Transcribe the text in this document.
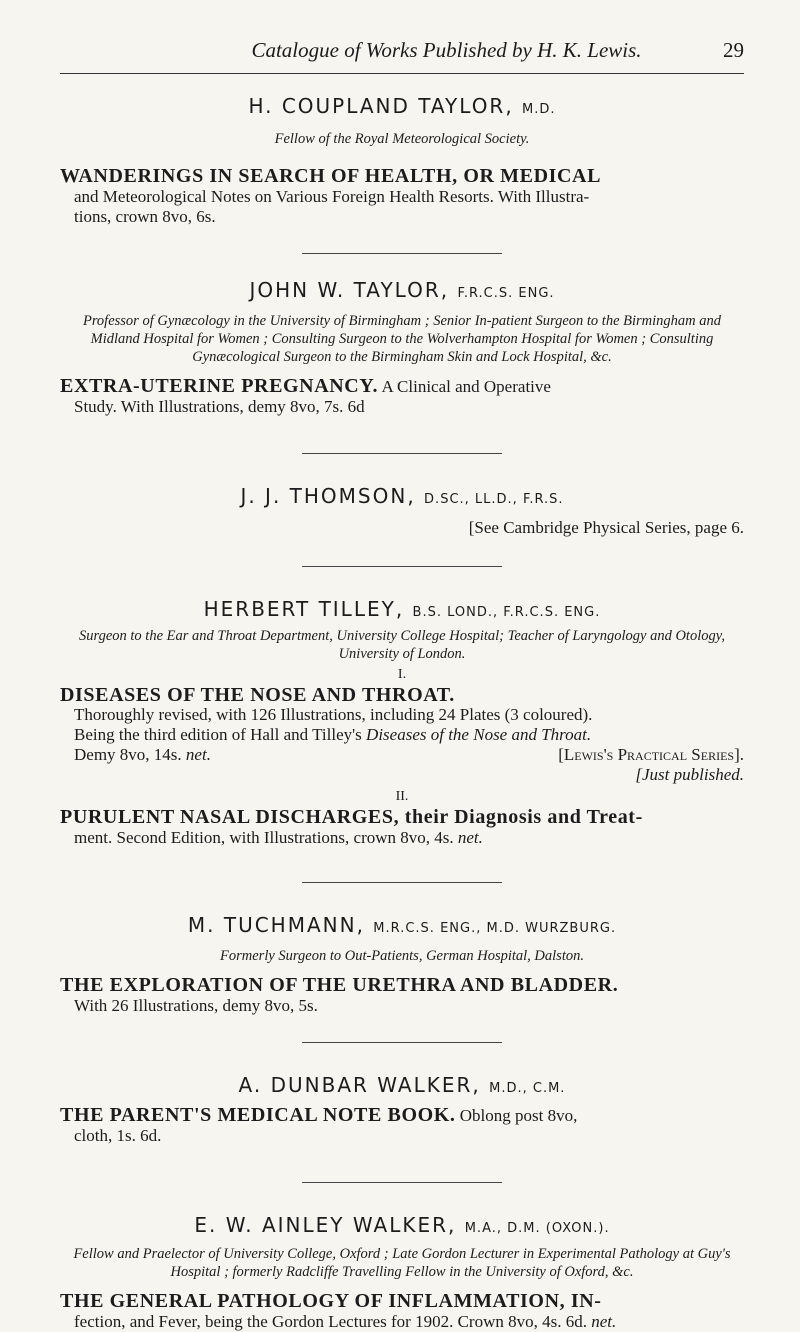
Catalogue of Works Published by H. K. Lewis.	29

H. COUPLAND TAYLOR, M.D.

Fellow of the Royal Meteorological Society.

WANDERINGS IN SEARCH OF HEALTH, OR MEDICAL
and Meteorological Notes on Various Foreign Health Resorts. With Illustra-
tions, crown 8vo, 6s.

JOHN W. TAYLOR, F.R.C.S. ENG.

Professor of Gynæcology in the University of Birmingham ; Senior In-patient Surgeon to the Birmingham and Midland Hospital for Women ; Consulting Surgeon to the Wolverhampton Hospital for Women ; Consulting Gynæcological Surgeon to the Birmingham Skin and Lock Hospital, &c.

EXTRA-UTERINE PREGNANCY. A Clinical and Operative
Study. With Illustrations, demy 8vo, 7s. 6d

J. J. THOMSON, D.SC., LL.D., F.R.S.

[See Cambridge Physical Series, page 6.

HERBERT TILLEY, B.S. LOND., F.R.C.S. ENG.

Surgeon to the Ear and Throat Department, University College Hospital; Teacher of Laryngology and Otology, University of London.

I.

DISEASES OF THE NOSE AND THROAT.
Thoroughly revised, with 126 Illustrations, including 24 Plates (3 coloured).
Being the third edition of Hall and Tilley's Diseases of the Nose and Throat.
Demy 8vo, 14s. net.	[Lewis's Practical Series].
[Just published.

II.

PURULENT NASAL DISCHARGES, their Diagnosis and Treat-
ment. Second Edition, with Illustrations, crown 8vo, 4s. net.

M. TUCHMANN, M.R.C.S. ENG., M.D. WURZBURG.

Formerly Surgeon to Out-Patients, German Hospital, Dalston.

THE EXPLORATION OF THE URETHRA AND BLADDER.
With 26 Illustrations, demy 8vo, 5s.

A. DUNBAR WALKER, M.D., C.M.

THE PARENT'S MEDICAL NOTE BOOK. Oblong post 8vo,
cloth, 1s. 6d.

E. W. AINLEY WALKER, M.A., D.M. (OXON.).

Fellow and Praelector of University College, Oxford ; Late Gordon Lecturer in Experimental Pathology at Guy's Hospital ; formerly Radcliffe Travelling Fellow in the University of Oxford, &c.

THE GENERAL PATHOLOGY OF INFLAMMATION, IN-
fection, and Fever, being the Gordon Lectures for 1902. Crown 8vo, 4s. 6d. net.
